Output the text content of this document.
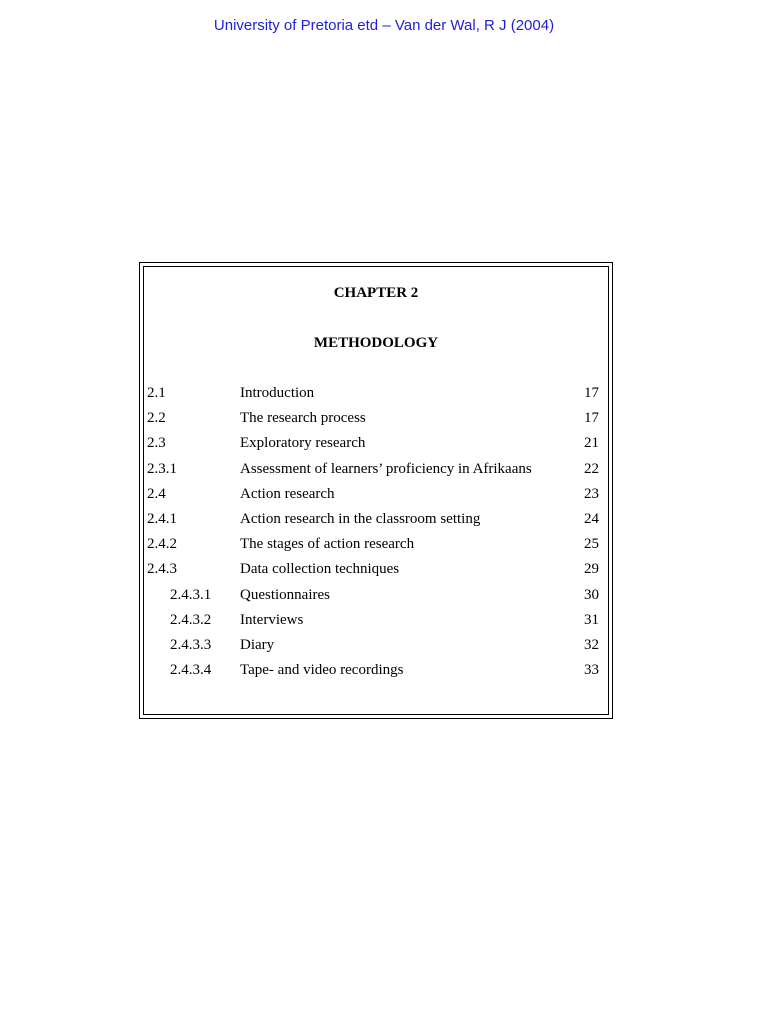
University of Pretoria etd – Van der Wal, R J (2004)
CHAPTER 2
METHODOLOGY
2.1	Introduction	17
2.2	The research process	17
2.3	Exploratory research	21
2.3.1	Assessment of learners’ proficiency in Afrikaans	22
2.4	Action research	23
2.4.1	Action research in the classroom setting	24
2.4.2	The stages of action research	25
2.4.3	Data collection techniques	29
2.4.3.1 Questionnaires	30
2.4.3.2 Interviews	31
2.4.3.3 Diary	32
2.4.3.4 Tape- and video recordings	33
